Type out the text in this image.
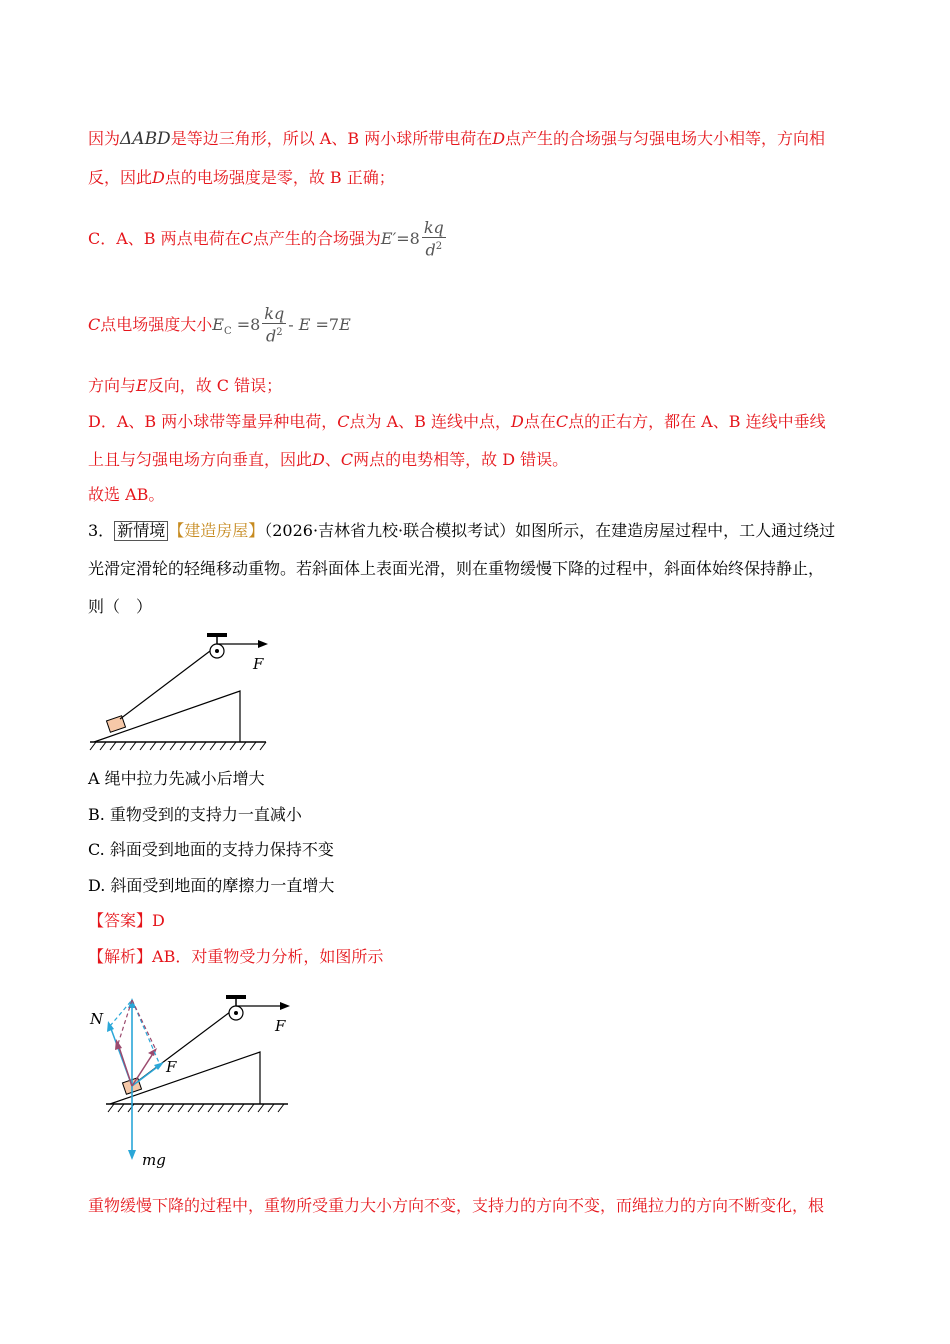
因为ΔABD是等边三角形，所以 A、B 两小球所带电荷在D点产生的合场强与匀强电场大小相等，方向相
反，因此D点的电场强度是零，故 B 正确；
C．A、B 两点电荷在C点产生的合场强为$E'=8 \frac{kq}{d^2}$
C点电场强度大小$E_C =8 \frac{kq}{d^2} - E =7E$
方向与E反向，故 C 错误；
D．A、B 两小球带等量异种电荷，C点为 A、B 连线中点，D点在C点的正右方，都在 A、B 连线中垂线
上且与匀强电场方向垂直，因此D、C两点的电势相等，故 D 错误。
故选 AB。
3． 新情境 【建造房屋】（2026·吉林省九校·联合模拟考试）如图所示，在建造房屋过程中，工人通过绕过
光滑定滑轮的轻绳移动重物。若斜面体上表面光滑，则在重物缓慢下降的过程中，斜面体始终保持静止，
则（　）
F
A 绳中拉力先减小后增大
B. 重物受到的支持力一直减小
C. 斜面受到地面的支持力保持不变
D. 斜面受到地面的摩擦力一直增大
【答案】D
【解析】AB．对重物受力分析，如图所示
F
mg
N
F
重物缓慢下降的过程中，重物所受重力大小方向不变，支持力的方向不变，而绳拉力的方向不断变化，根
